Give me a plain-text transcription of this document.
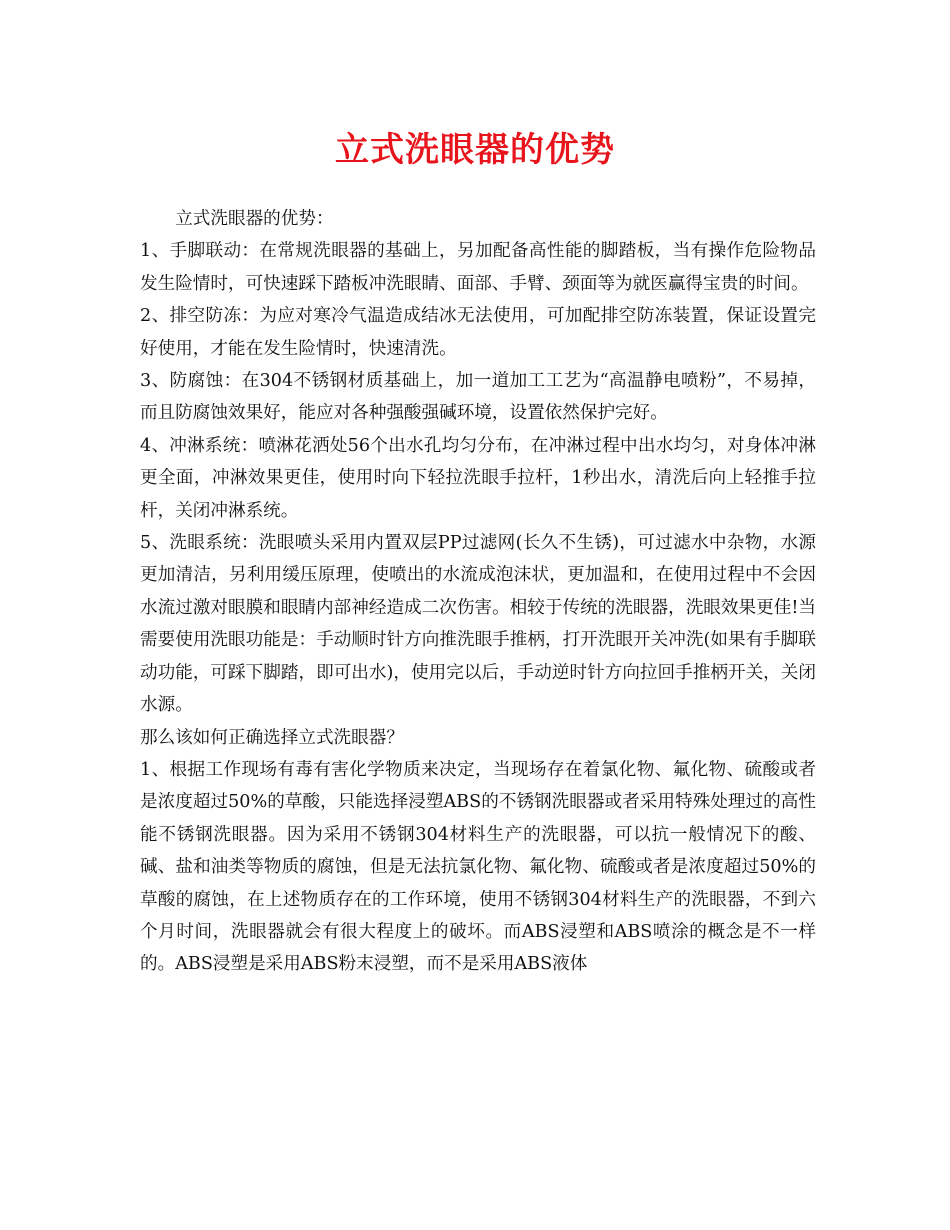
立式洗眼器的优势

立式洗眼器的优势：

1、手脚联动：在常规洗眼器的基础上，另加配备高性能的脚踏板，当有操作危险物品发生险情时，可快速踩下踏板冲洗眼睛、面部、手臂、颈面等为就医赢得宝贵的时间。

2、排空防冻：为应对寒冷气温造成结冰无法使用，可加配排空防冻装置，保证设置完好使用，才能在发生险情时，快速清洗。

3、防腐蚀：在304不锈钢材质基础上，加一道加工工艺为“高温静电喷粉”，不易掉，而且防腐蚀效果好，能应对各种强酸强碱环境，设置依然保护完好。

4、冲淋系统：喷淋花洒处56个出水孔均匀分布，在冲淋过程中出水均匀，对身体冲淋更全面，冲淋效果更佳，使用时向下轻拉洗眼手拉杆，1秒出水，清洗后向上轻推手拉杆，关闭冲淋系统。

5、洗眼系统：洗眼喷头采用内置双层PP过滤网(长久不生锈)，可过滤水中杂物，水源更加清洁，另利用缓压原理，使喷出的水流成泡沫状，更加温和，在使用过程中不会因水流过激对眼膜和眼睛内部神经造成二次伤害。相较于传统的洗眼器，洗眼效果更佳!当需要使用洗眼功能是：手动顺时针方向推洗眼手推柄，打开洗眼开关冲洗(如果有手脚联动功能，可踩下脚踏，即可出水)，使用完以后，手动逆时针方向拉回手推柄开关，关闭水源。

那么该如何正确选择立式洗眼器？

1、根据工作现场有毒有害化学物质来决定，当现场存在着氯化物、氟化物、硫酸或者是浓度超过50%的草酸，只能选择浸塑ABS的不锈钢洗眼器或者采用特殊处理过的高性能不锈钢洗眼器。因为采用不锈钢304材料生产的洗眼器，可以抗一般情况下的酸、碱、盐和油类等物质的腐蚀，但是无法抗氯化物、氟化物、硫酸或者是浓度超过50%的草酸的腐蚀，在上述物质存在的工作环境，使用不锈钢304材料生产的洗眼器，不到六个月时间，洗眼器就会有很大程度上的破坏。而ABS浸塑和ABS喷涂的概念是不一样的。ABS浸塑是采用ABS粉末浸塑，而不是采用ABS液体
